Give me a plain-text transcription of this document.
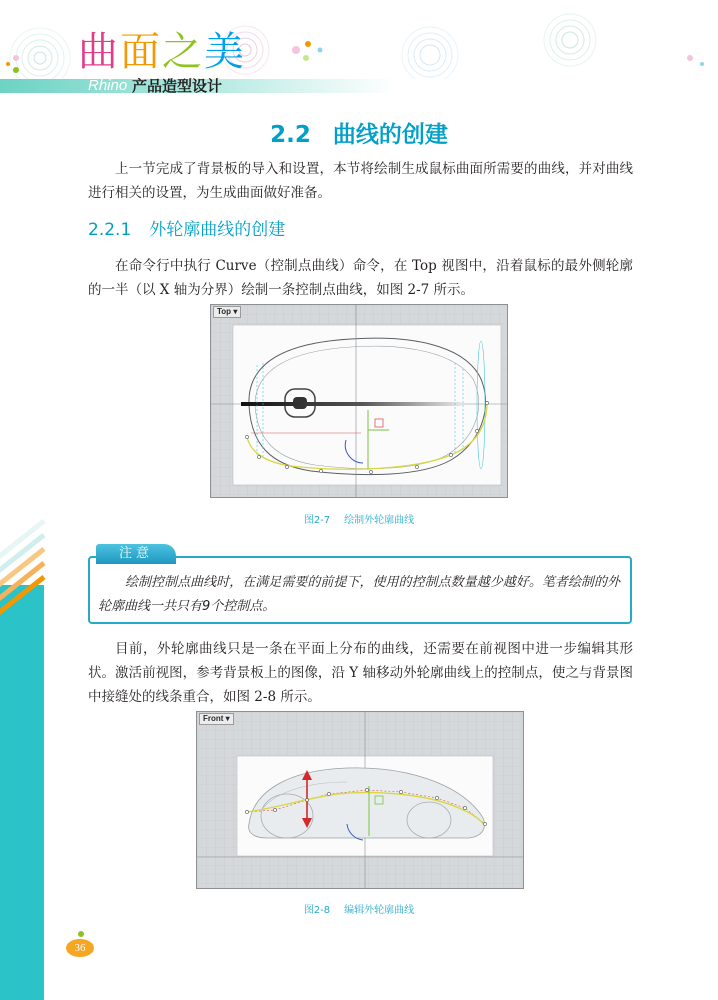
曲面之美
Rhino 产品造型设计
2.2 曲线的创建
上一节完成了背景板的导入和设置，本节将绘制生成鼠标曲面所需要的曲线，并对曲线进行相关的设置，为生成曲面做好准备。
2.2.1 外轮廓曲线的创建
在命令行中执行 Curve（控制点曲线）命令，在 Top 视图中，沿着鼠标的最外侧轮廓的一半（以 X 轴为分界）绘制一条控制点曲线，如图 2-7 所示。
Top ▾
图2-7 绘制外轮廓曲线
注意
绘制控制点曲线时，在满足需要的前提下，使用的控制点数量越少越好。笔者绘制的外轮廓曲线一共只有9个控制点。
目前，外轮廓曲线只是一条在平面上分布的曲线，还需要在前视图中进一步编辑其形状。激活前视图，参考背景板上的图像，沿 Y 轴移动外轮廓曲线上的控制点，使之与背景图中接缝处的线条重合，如图 2-8 所示。
Front ▾
图2-8 编辑外轮廓曲线
36
